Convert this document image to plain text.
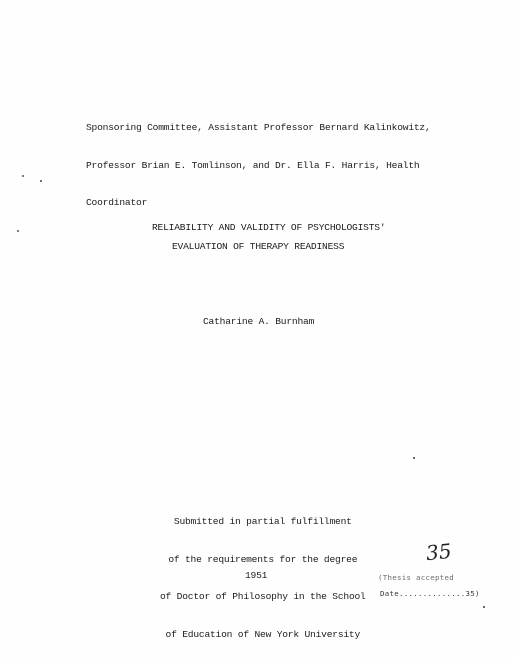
Sponsoring Committee, Assistant Professor Bernard Kalinkowitz,

Professor Brian E. Tomlinson, and Dr. Ella F. Harris, Health

Coordinator

RELIABILITY AND VALIDITY OF PSYCHOLOGISTS'
EVALUATION OF THERAPY READINESS
Catharine A. Burnham

Submitted in partial fulfillment

of the requirements for the degree

of Doctor of Philosophy in the School

of Education of New York University

1951
35
(Thesis accepted
Date..............35)
